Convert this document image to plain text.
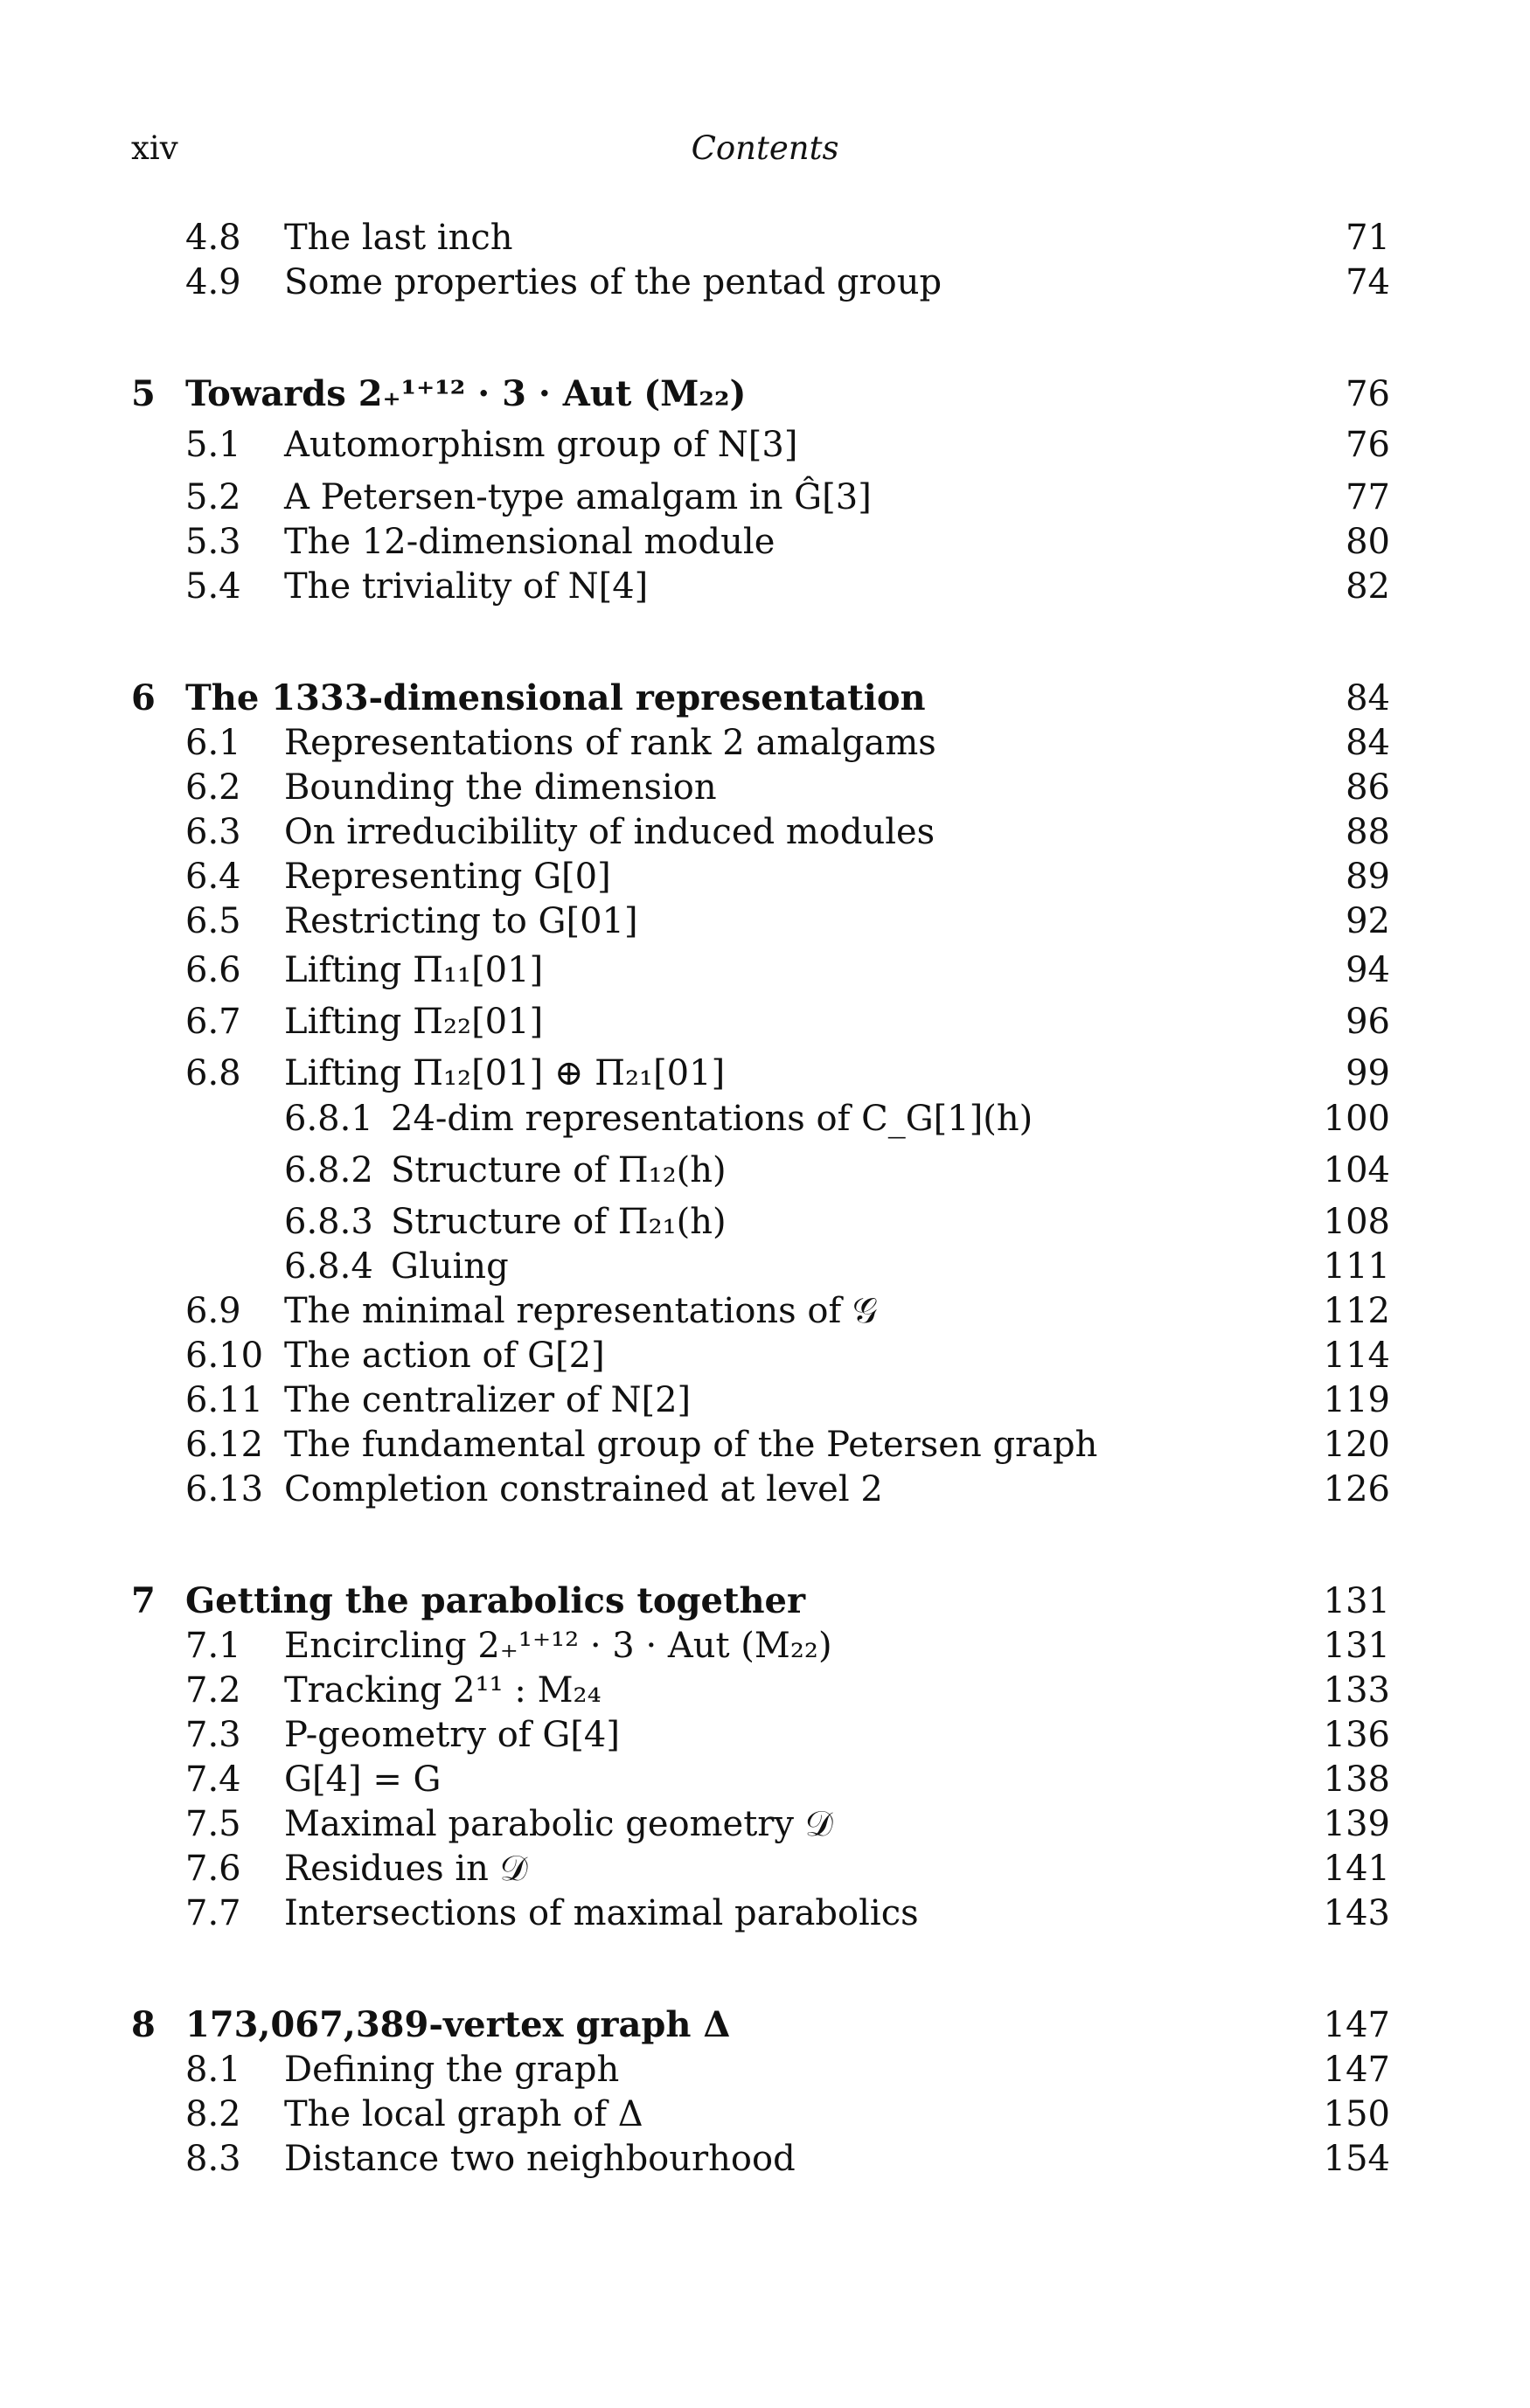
xiv	Contents
4.8 The last inch	71
4.9 Some properties of the pentad group	74
5 Towards 2₊¹⁺¹² · 3 · Aut (M₂₂)	76
5.1 Automorphism group of N[3]	76
5.2 A Petersen-type amalgam in Ĝ[3]	77
5.3 The 12-dimensional module	80
5.4 The triviality of N[4]	82
6 The 1333-dimensional representation	84
6.1 Representations of rank 2 amalgams	84
6.2 Bounding the dimension	86
6.3 On irreducibility of induced modules	88
6.4 Representing G[0]	89
6.5 Restricting to G[01]	92
6.6 Lifting Π₁₁[01]	94
6.7 Lifting Π₂₂[01]	96
6.8 Lifting Π₁₂[01] ⊕ Π₂₁[01]	99
6.8.1 24-dim representations of C_G[1](h)	100
6.8.2 Structure of Π₁₂(h)	104
6.8.3 Structure of Π₂₁(h)	108
6.8.4 Gluing	111
6.9 The minimal representations of 𝒢	112
6.10 The action of G[2]	114
6.11 The centralizer of N[2]	119
6.12 The fundamental group of the Petersen graph	120
6.13 Completion constrained at level 2	126
7 Getting the parabolics together	131
7.1 Encircling 2₊¹⁺¹² · 3 · Aut (M₂₂)	131
7.2 Tracking 2¹¹ : M₂₄	133
7.3 P-geometry of G[4]	136
7.4 G[4] = G	138
7.5 Maximal parabolic geometry 𝒟	139
7.6 Residues in 𝒟	141
7.7 Intersections of maximal parabolics	143
8 173,067,389-vertex graph Δ	147
8.1 Defining the graph	147
8.2 The local graph of Δ	150
8.3 Distance two neighbourhood	154
